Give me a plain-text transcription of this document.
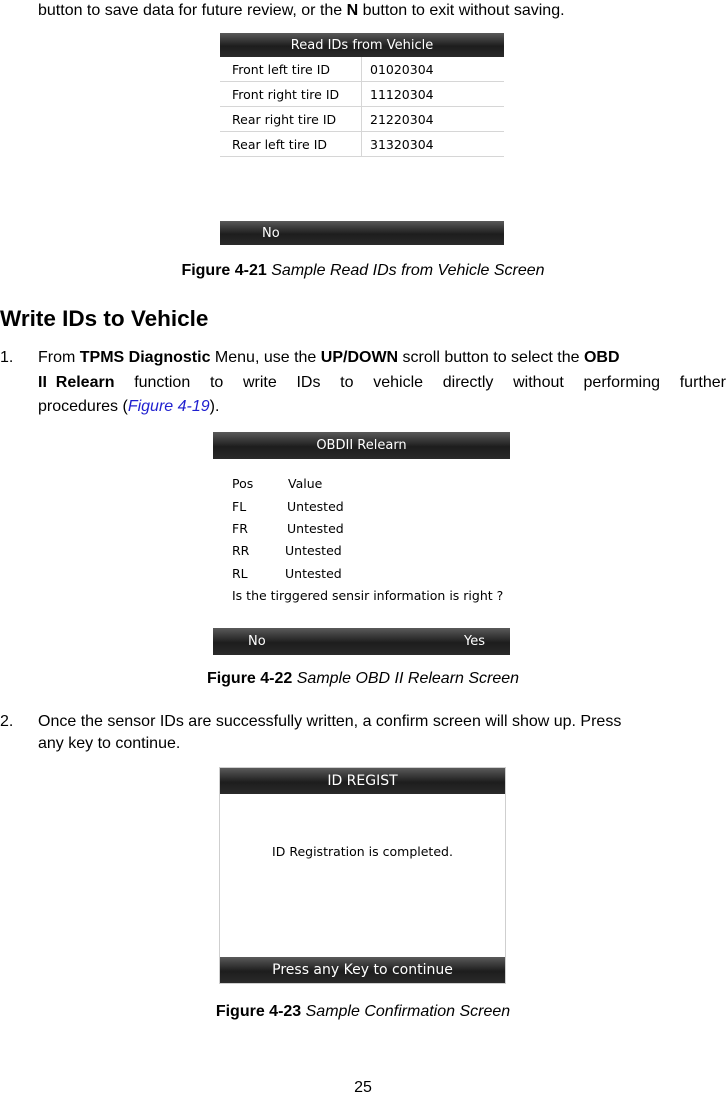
button to save data for future review, or the N button to exit without saving.
Read IDs from Vehicle
Front left tire ID	01020304
Front right tire ID 11120304
Rear right tire ID	21220304
Rear left tire ID	31320304
No
Figure 4-21 Sample Read IDs from Vehicle Screen
Write IDs to Vehicle
1. From TPMS Diagnostic Menu, use the UP/DOWN scroll button to select the OBD
II  Relearn function to write IDs to vehicle directly without performing further
procedures (Figure 4-19).
OBDII Relearn
Pos	Value
FL	Untested
FR	Untested
RR	Untested
RL	Untested
Is the tirggered sensir information is right ?
No	Yes
Figure 4-22 Sample OBD II Relearn Screen
2. Once the sensor IDs are successfully written, a confirm screen will show up. Press
any key to continue.
ID REGIST
ID Registration is completed.
Press any Key to continue
Figure 4-23 Sample Confirmation Screen
25
